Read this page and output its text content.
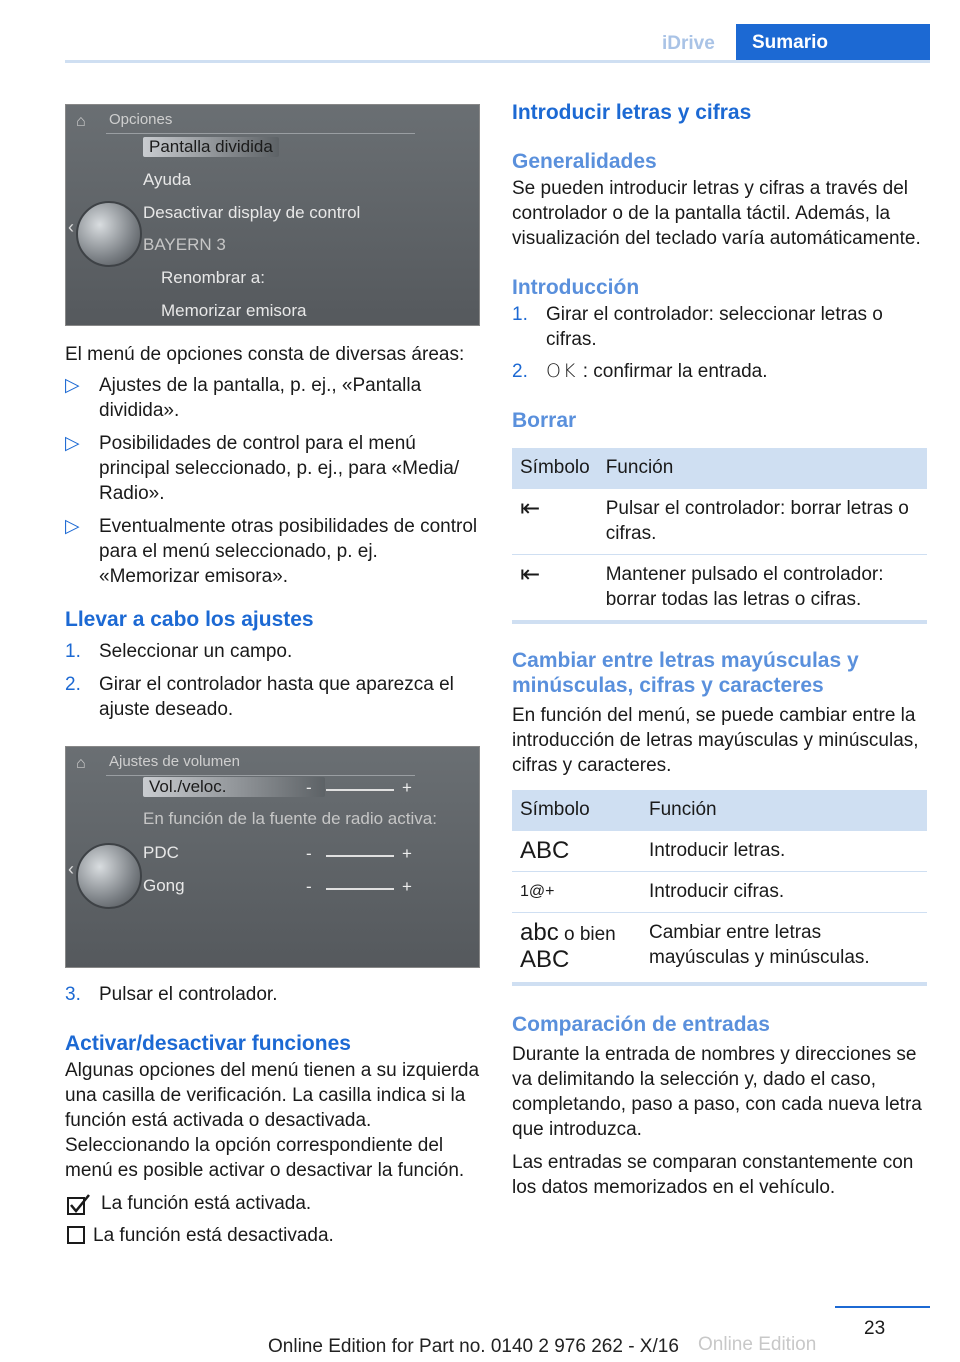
iDrive	Sumario
⌂ Opciones
‹
Pantalla dividida
Ayuda
Desactivar display de control
BAYERN 3
Renombrar a:
Memorizar emisora

El menú de opciones consta de diversas áreas:

▷ Ajustes de la pantalla, p. ej., «Pantalla dividida».
▷ Posibilidades de control para el menú principal seleccionado, p. ej., para «Media/ Radio».
▷ Eventualmente otras posibilidades de control para el menú seleccionado, p. ej. «Memorizar emisora».
Llevar a cabo los ajustes
1. Seleccionar un campo.
2. Girar el controlador hasta que aparezca el ajuste deseado.
⌂ Ajustes de volumen
‹
Vol./veloc.
En función de la fuente de radio activa:
PDC
Gong
-	+
-	+
-	+
3. Pulsar el controlador.
Activar/desactivar funciones

Algunas opciones del menú tienen a su izquierda una casilla de verificación. La casilla indica si la función está activada o desactivada. Seleccionando la opción correspondiente del menú es posible activar o desactivar la función.

La función está activada.
La función está desactivada.
Introducir letras y cifras
Generalidades

Se pueden introducir letras y cifras a través del controlador o de la pantalla táctil. Además, la visualización del teclado varía automáticamente.

Introducción
1. Girar el controlador: seleccionar letras o cifras.
2. OK : confirmar la entrada.
Borrar
Símbolo	Función
⇤	Pulsar el controlador: borrar letras o cifras.
⇤	Mantener pulsado el controlador: borrar todas las letras o cifras.
Cambiar entre letras mayúsculas y minúsculas, cifras y caracteres

En función del menú, se puede cambiar entre la introducción de letras mayúsculas y minúsculas, cifras y caracteres.

Símbolo	Función
ABC	Introducir letras.
1@+	Introducir cifras.
abc o bien
ABC	Cambiar entre letras mayúsculas y minúsculas.
Comparación de entradas

Durante la entrada de nombres y direcciones se va delimitando la selección y, dado el caso, completando, paso a paso, con cada nueva letra que introduzca.

Las entradas se comparan constantemente con los datos memorizados en el vehículo.

23
Online Edition for Part no. 0140 2 976 262 - X/16 Online Edition
